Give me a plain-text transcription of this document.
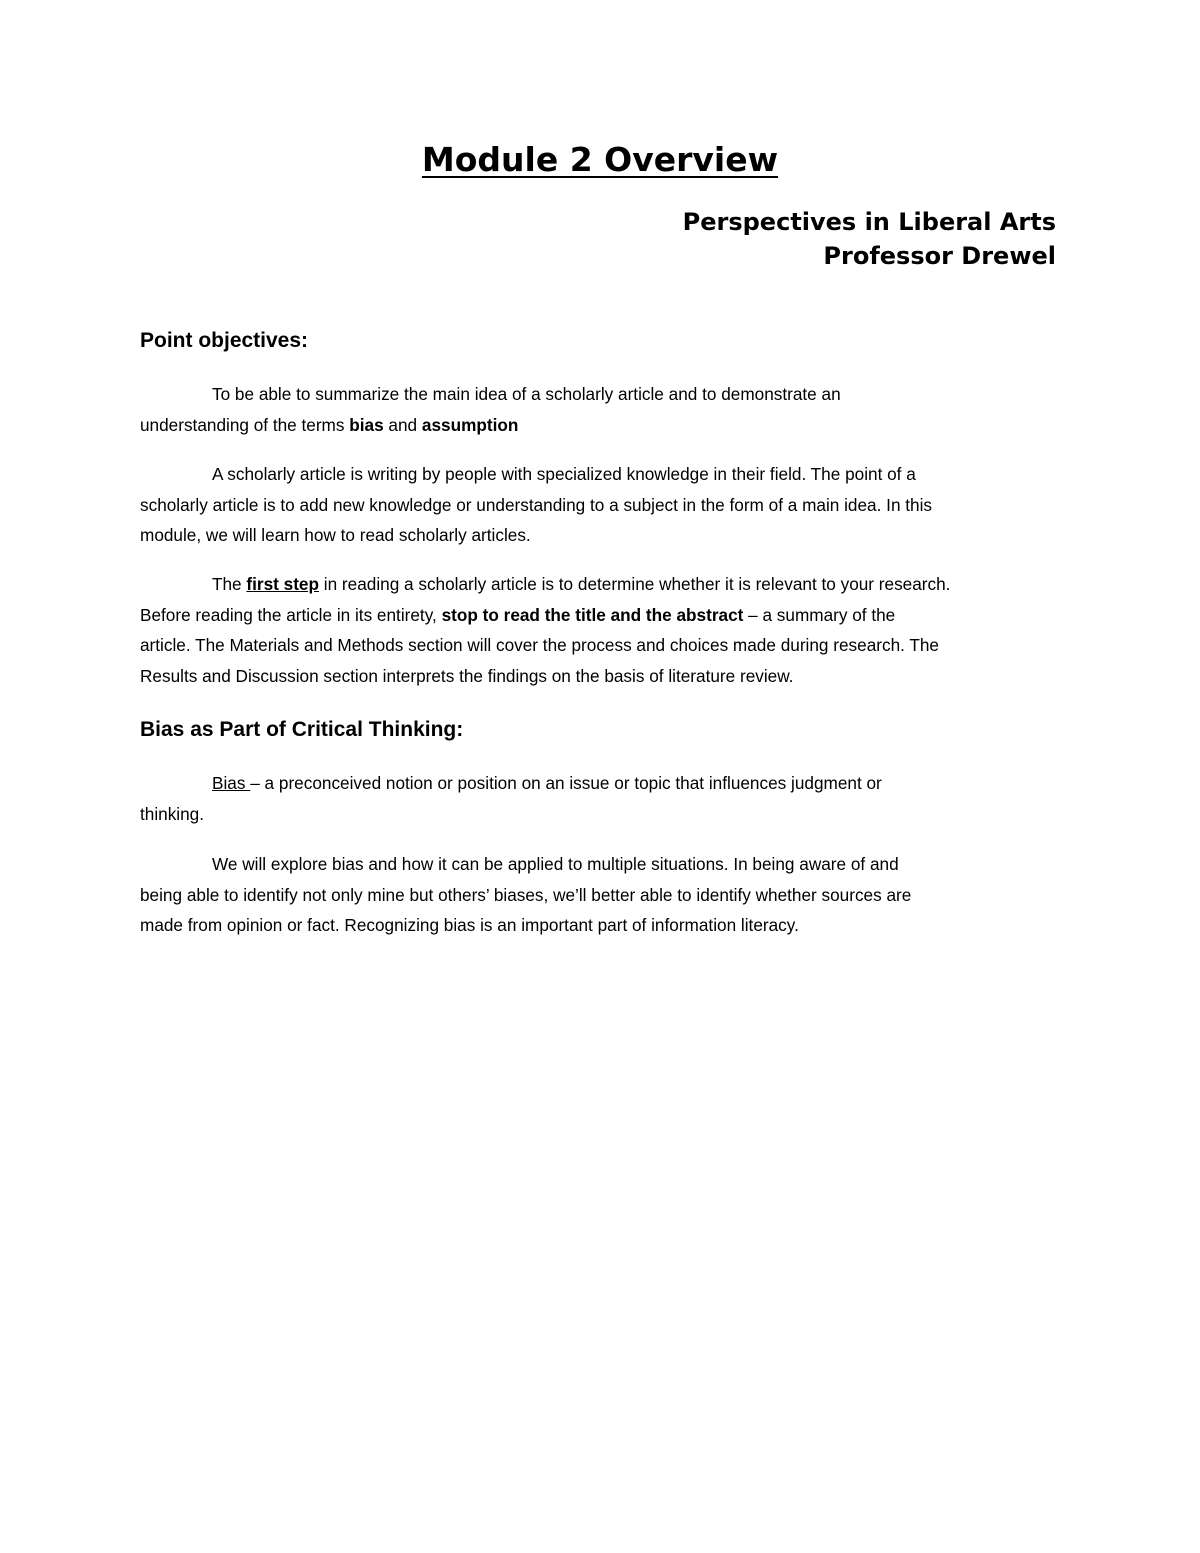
Module 2 Overview

Perspectives in Liberal Arts

Professor Drewel

Point objectives:
To be able to summarize the main idea of a scholarly article and to demonstrate an
understanding of the terms bias and assumption
A scholarly article is writing by people with specialized knowledge in their field. The point of a
scholarly article is to add new knowledge or understanding to a subject in the form of a main idea. In this
module, we will learn how to read scholarly articles.
The first step in reading a scholarly article is to determine whether it is relevant to your research.
Before reading the article in its entirety, stop to read the title and the abstract – a summary of the
article. The Materials and Methods section will cover the process and choices made during research. The
Results and Discussion section interprets the findings on the basis of literature review.
Bias as Part of Critical Thinking:
Bias – a preconceived notion or position on an issue or topic that influences judgment or
thinking.
We will explore bias and how it can be applied to multiple situations. In being aware of and
being able to identify not only mine but others’ biases, we’ll better able to identify whether sources are
made from opinion or fact. Recognizing bias is an important part of information literacy.
